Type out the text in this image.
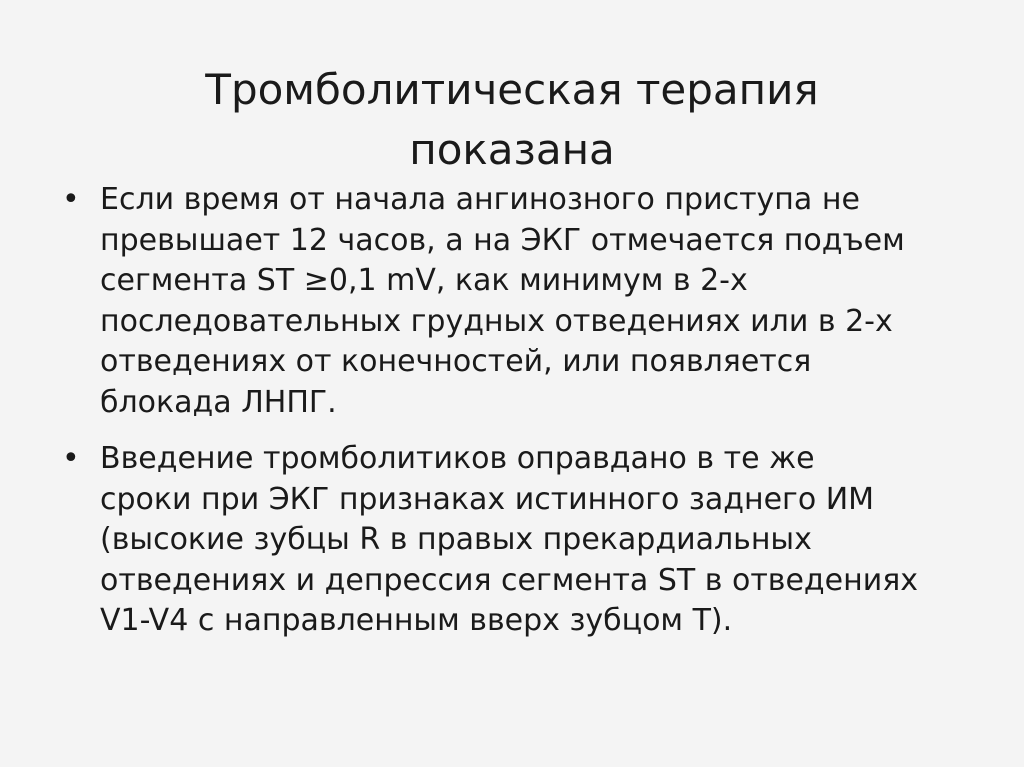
Тромболитическая терапия
показана
• Если время от начала ангинозного приступа не
превышает 12 часов, а на ЭКГ отмечается подъем
сегмента ST ≥0,1 mV, как минимум в 2-х
последовательных грудных отведениях или в 2-х
отведениях от конечностей, или появляется
блокада ЛНПГ.
• Введение тромболитиков оправдано в те же
сроки при ЭКГ признаках истинного заднего ИМ
(высокие зубцы R в правых прекардиальных
отведениях и депрессия сегмента ST в отведениях
V1-V4 с направленным вверх зубцом T).
